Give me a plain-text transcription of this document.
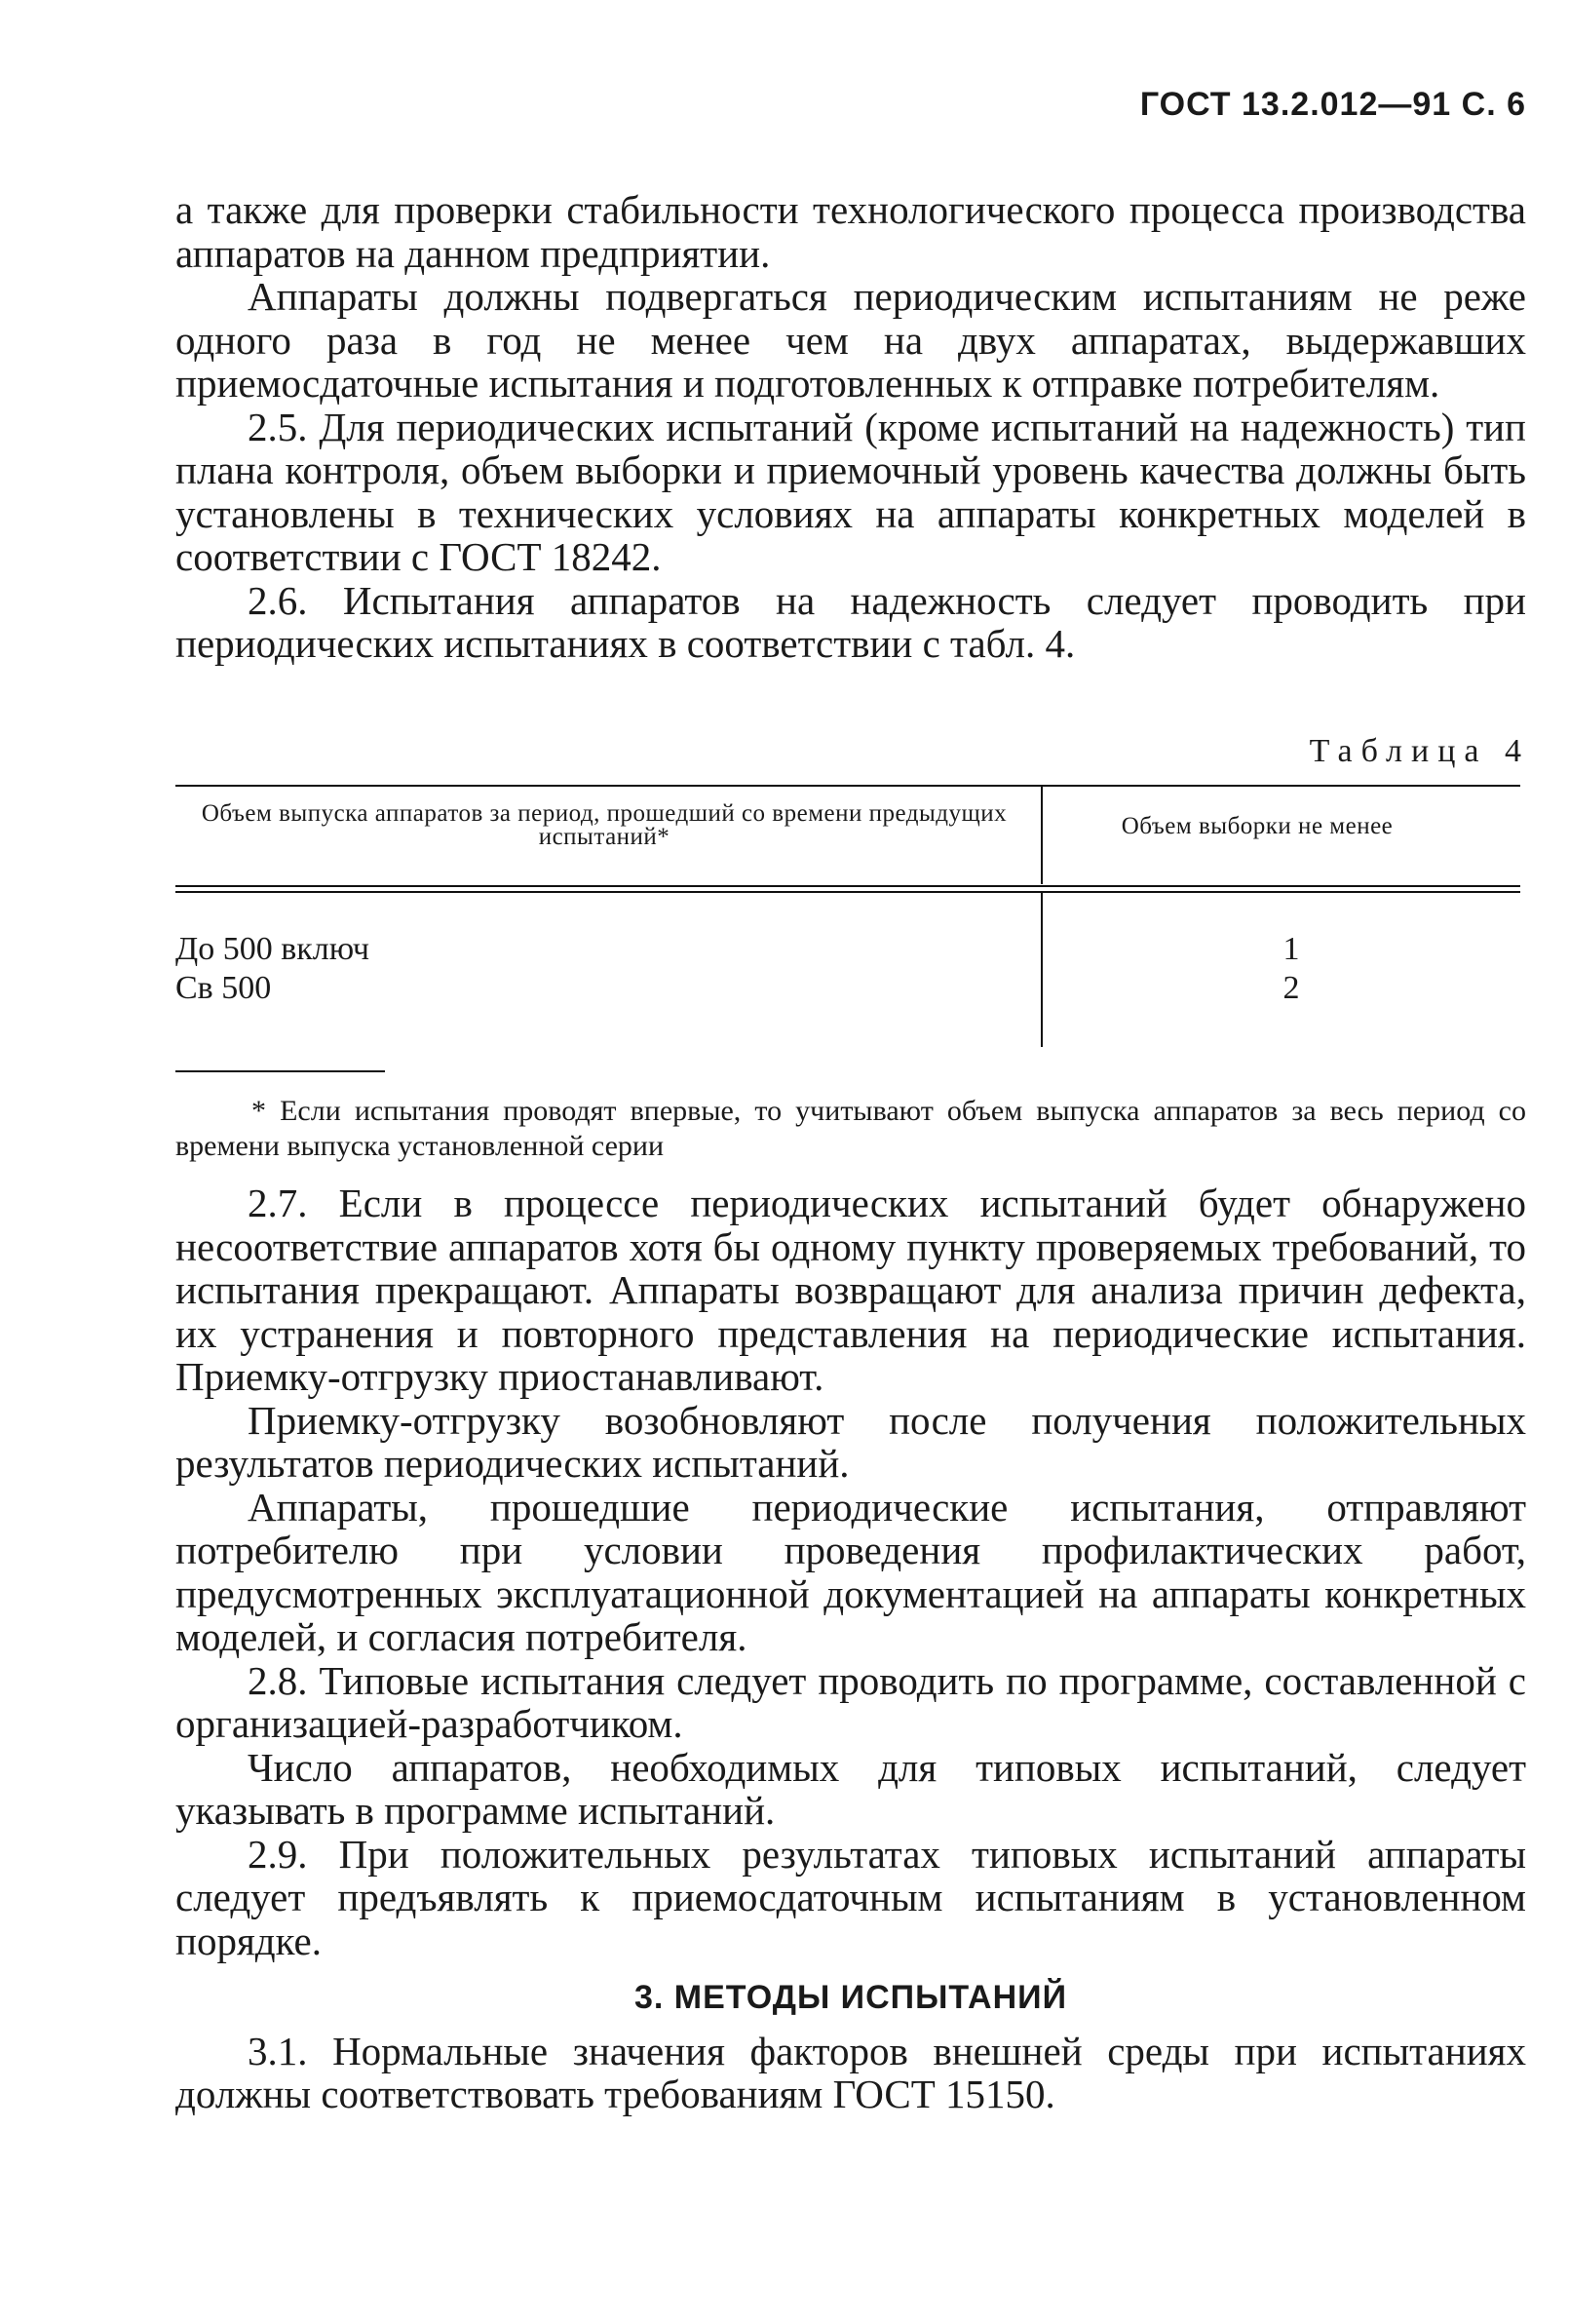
ГОСТ 13.2.012—91 С. 6

а также для проверки стабильности технологического процесса производства аппаратов на данном предприятии.

Аппараты должны подвергаться периодическим испытаниям не реже одного раза в год не менее чем на двух аппаратах, выдержавших приемосдаточные испытания и подготовленных к отправке потребителям.

2.5. Для периодических испытаний (кроме испытаний на надежность) тип плана контроля, объем выборки и приемочный уровень качества должны быть установлены в технических условиях на аппараты конкретных моделей в соответствии с ГОСТ 18242.

2.6. Испытания аппаратов на надежность следует проводить при периодических испытаниях в соответствии с табл. 4.

Таблица 4
Объем выпуска аппаратов за период, прошедший со времени предыдущих испытаний*	Объем выборки не менее
До 500 включ	1
Св 500	2
* Если испытания проводят впервые, то учитывают объем выпуска аппаратов за весь период со времени выпуска установленной серии

2.7. Если в процессе периодических испытаний будет обнаружено несоответствие аппаратов хотя бы одному пункту проверяемых требований, то испытания прекращают. Аппараты возвращают для анализа причин дефекта, их устранения и повторного представления на периодические испытания. Приемку-отгрузку приостанавливают.

Приемку-отгрузку возобновляют после получения положительных результатов периодических испытаний.

Аппараты, прошедшие периодические испытания, отправляют потребителю при условии проведения профилактических работ, предусмотренных эксплуатационной документацией на аппараты конкретных моделей, и согласия потребителя.

2.8. Типовые испытания следует проводить по программе, составленной с организацией-разработчиком.

Число аппаратов, необходимых для типовых испытаний, следует указывать в программе испытаний.

2.9. При положительных результатах типовых испытаний аппараты следует предъявлять к приемосдаточным испытаниям в установленном порядке.

3. МЕТОДЫ ИСПЫТАНИЙ

3.1. Нормальные значения факторов внешней среды при испытаниях должны соответствовать требованиям ГОСТ 15150.
